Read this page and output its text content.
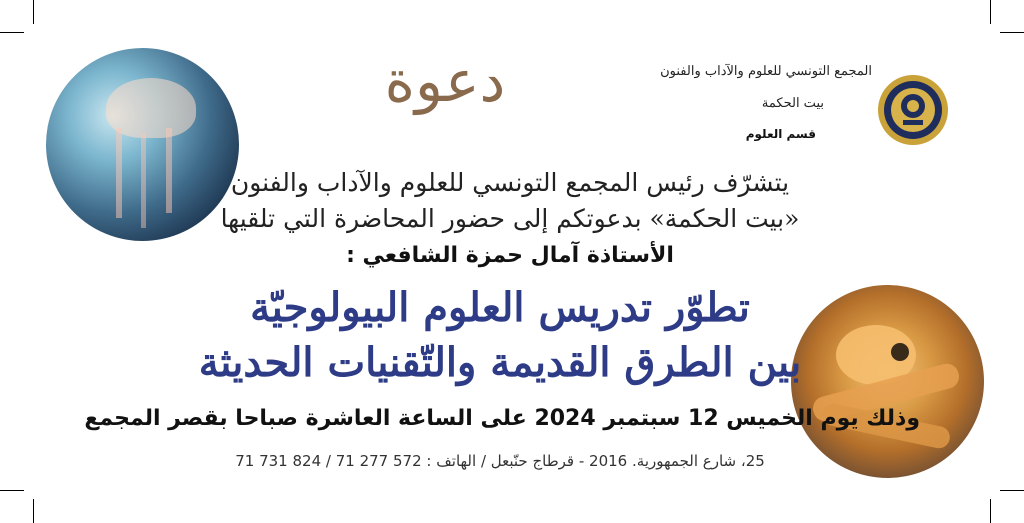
المجمع التونسي للعلوم والآداب والفنون
بيت الحكمة
قسم العلوم
دعوة
يتشرّف رئيس المجمع التونسي للعلوم والآداب والفنون
«بيت الحكمة» بدعوتكم إلى حضور المحاضرة التي تلقيها
الأستاذة آمال حمزة الشافعي :
تطوّر تدريس العلوم البيولوجيّة
بين الطرق القديمة والتّقنيات الحديثة
وذلك يوم الخميس 12 سبتمبر 2024 على الساعة العاشرة صباحا بقصر المجمع
25، شارع الجمهورية. 2016 - قرطاج حنّبعل / الهاتف : 572 277 71 / 824 731 71
